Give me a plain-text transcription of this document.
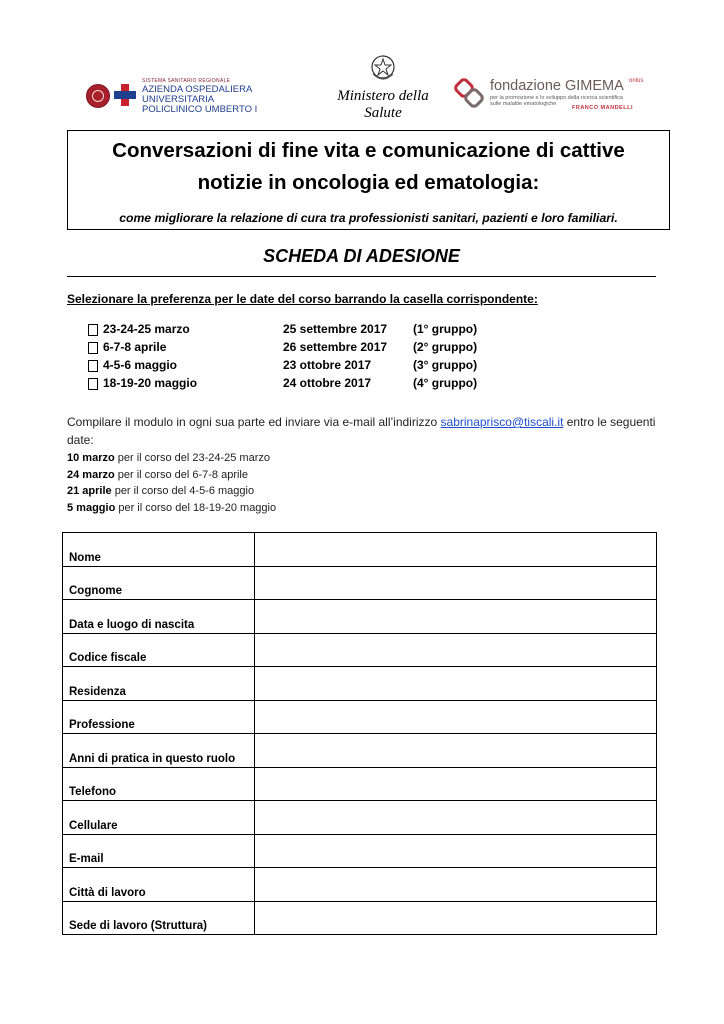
SISTEMA SANITARIO REGIONALE
AZIENDA OSPEDALIERA UNIVERSITARIA
POLICLINICO UMBERTO I
Ministero della Salute
fondazione GIMEMA onlus
per la promozione e lo sviluppo della ricerca scientifica
sulle malattie ematologiche
FRANCO MANDELLI
Conversazioni di fine vita e comunicazione di cattive
notizie in oncologia ed ematologia:
come migliorare la relazione di cura tra professionisti sanitari, pazienti e loro familiari.
SCHEDA DI ADESIONE
Selezionare la preferenza per le date del corso barrando la casella corrispondente:
23-24-25 marzo	25 settembre 2017 (1° gruppo)
6-7-8 aprile	26 settembre 2017 (2° gruppo)
4-5-6 maggio	23 ottobre 2017	(3° gruppo)
18-19-20 maggio	24 ottobre 2017	(4° gruppo)
Compilare il modulo in ogni sua parte ed inviare via e-mail all’indirizzo sabrinaprisco@tiscali.it entro le seguenti date:
10 marzo per il corso del 23-24-25 marzo
24 marzo per il corso del 6-7-8 aprile
21 aprile per il corso del 4-5-6 maggio
5 maggio per il corso del 18-19-20 maggio
Nome	

Cognome	

Data e luogo di nascita	

Codice fiscale	

Residenza	

Professione	

Anni di pratica in questo ruolo	

Telefono	

Cellulare	

E-mail	

Città di lavoro	

Sede di lavoro (Struttura)	
